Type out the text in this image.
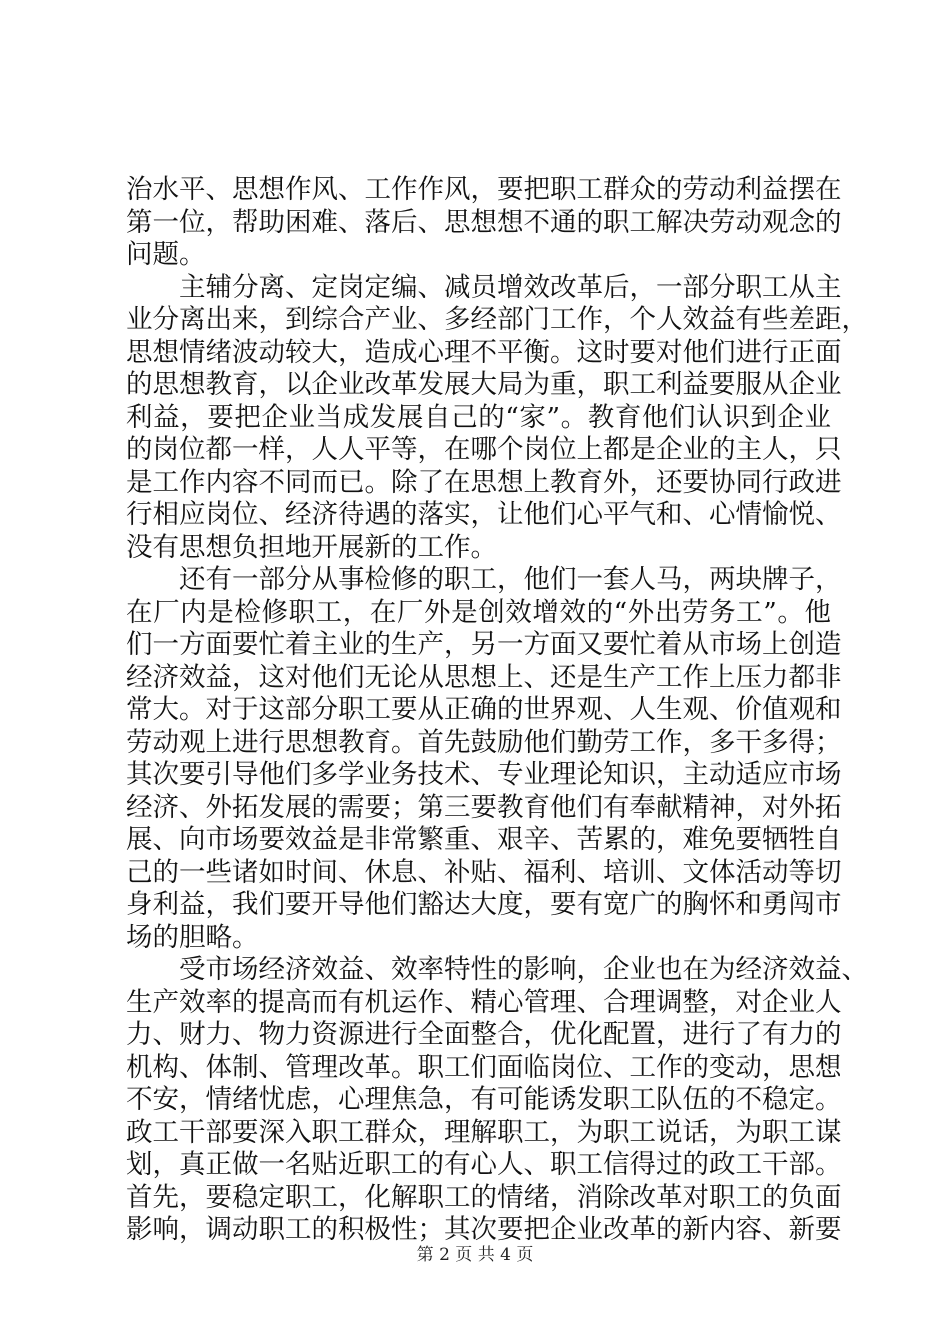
治水平、思想作风、工作作风，要把职工群众的劳动利益摆在
第一位，帮助困难、落后、思想想不通的职工解决劳动观念的
问题。
主辅分离、定岗定编、减员增效改革后，一部分职工从主
业分离出来，到综合产业、多经部门工作，个人效益有些差距，
思想情绪波动较大，造成心理不平衡。这时要对他们进行正面
的思想教育，以企业改革发展大局为重，职工利益要服从企业
利益，要把企业当成发展自己的“家”。教育他们认识到企业
的岗位都一样，人人平等，在哪个岗位上都是企业的主人，只
是工作内容不同而已。除了在思想上教育外，还要协同行政进
行相应岗位、经济待遇的落实，让他们心平气和、心情愉悦、
没有思想负担地开展新的工作。
还有一部分从事检修的职工，他们一套人马，两块牌子，
在厂内是检修职工，在厂外是创效增效的“外出劳务工”。他
们一方面要忙着主业的生产，另一方面又要忙着从市场上创造
经济效益，这对他们无论从思想上、还是生产工作上压力都非
常大。对于这部分职工要从正确的世界观、人生观、价值观和
劳动观上进行思想教育。首先鼓励他们勤劳工作，多干多得；
其次要引导他们多学业务技术、专业理论知识，主动适应市场
经济、外拓发展的需要；第三要教育他们有奉献精神，对外拓
展、向市场要效益是非常繁重、艰辛、苦累的，难免要牺牲自
己的一些诸如时间、休息、补贴、福利、培训、文体活动等切
身利益，我们要开导他们豁达大度，要有宽广的胸怀和勇闯市
场的胆略。
受市场经济效益、效率特性的影响，企业也在为经济效益、
生产效率的提高而有机运作、精心管理、合理调整，对企业人
力、财力、物力资源进行全面整合，优化配置，进行了有力的
机构、体制、管理改革。职工们面临岗位、工作的变动，思想
不安，情绪忧虑，心理焦急，有可能诱发职工队伍的不稳定。
政工干部要深入职工群众，理解职工，为职工说话，为职工谋
划，真正做一名贴近职工的有心人、职工信得过的政工干部。
首先，要稳定职工，化解职工的情绪，消除改革对职工的负面
影响，调动职工的积极性；其次要把企业改革的新内容、新要
第 2 页 共 4 页
